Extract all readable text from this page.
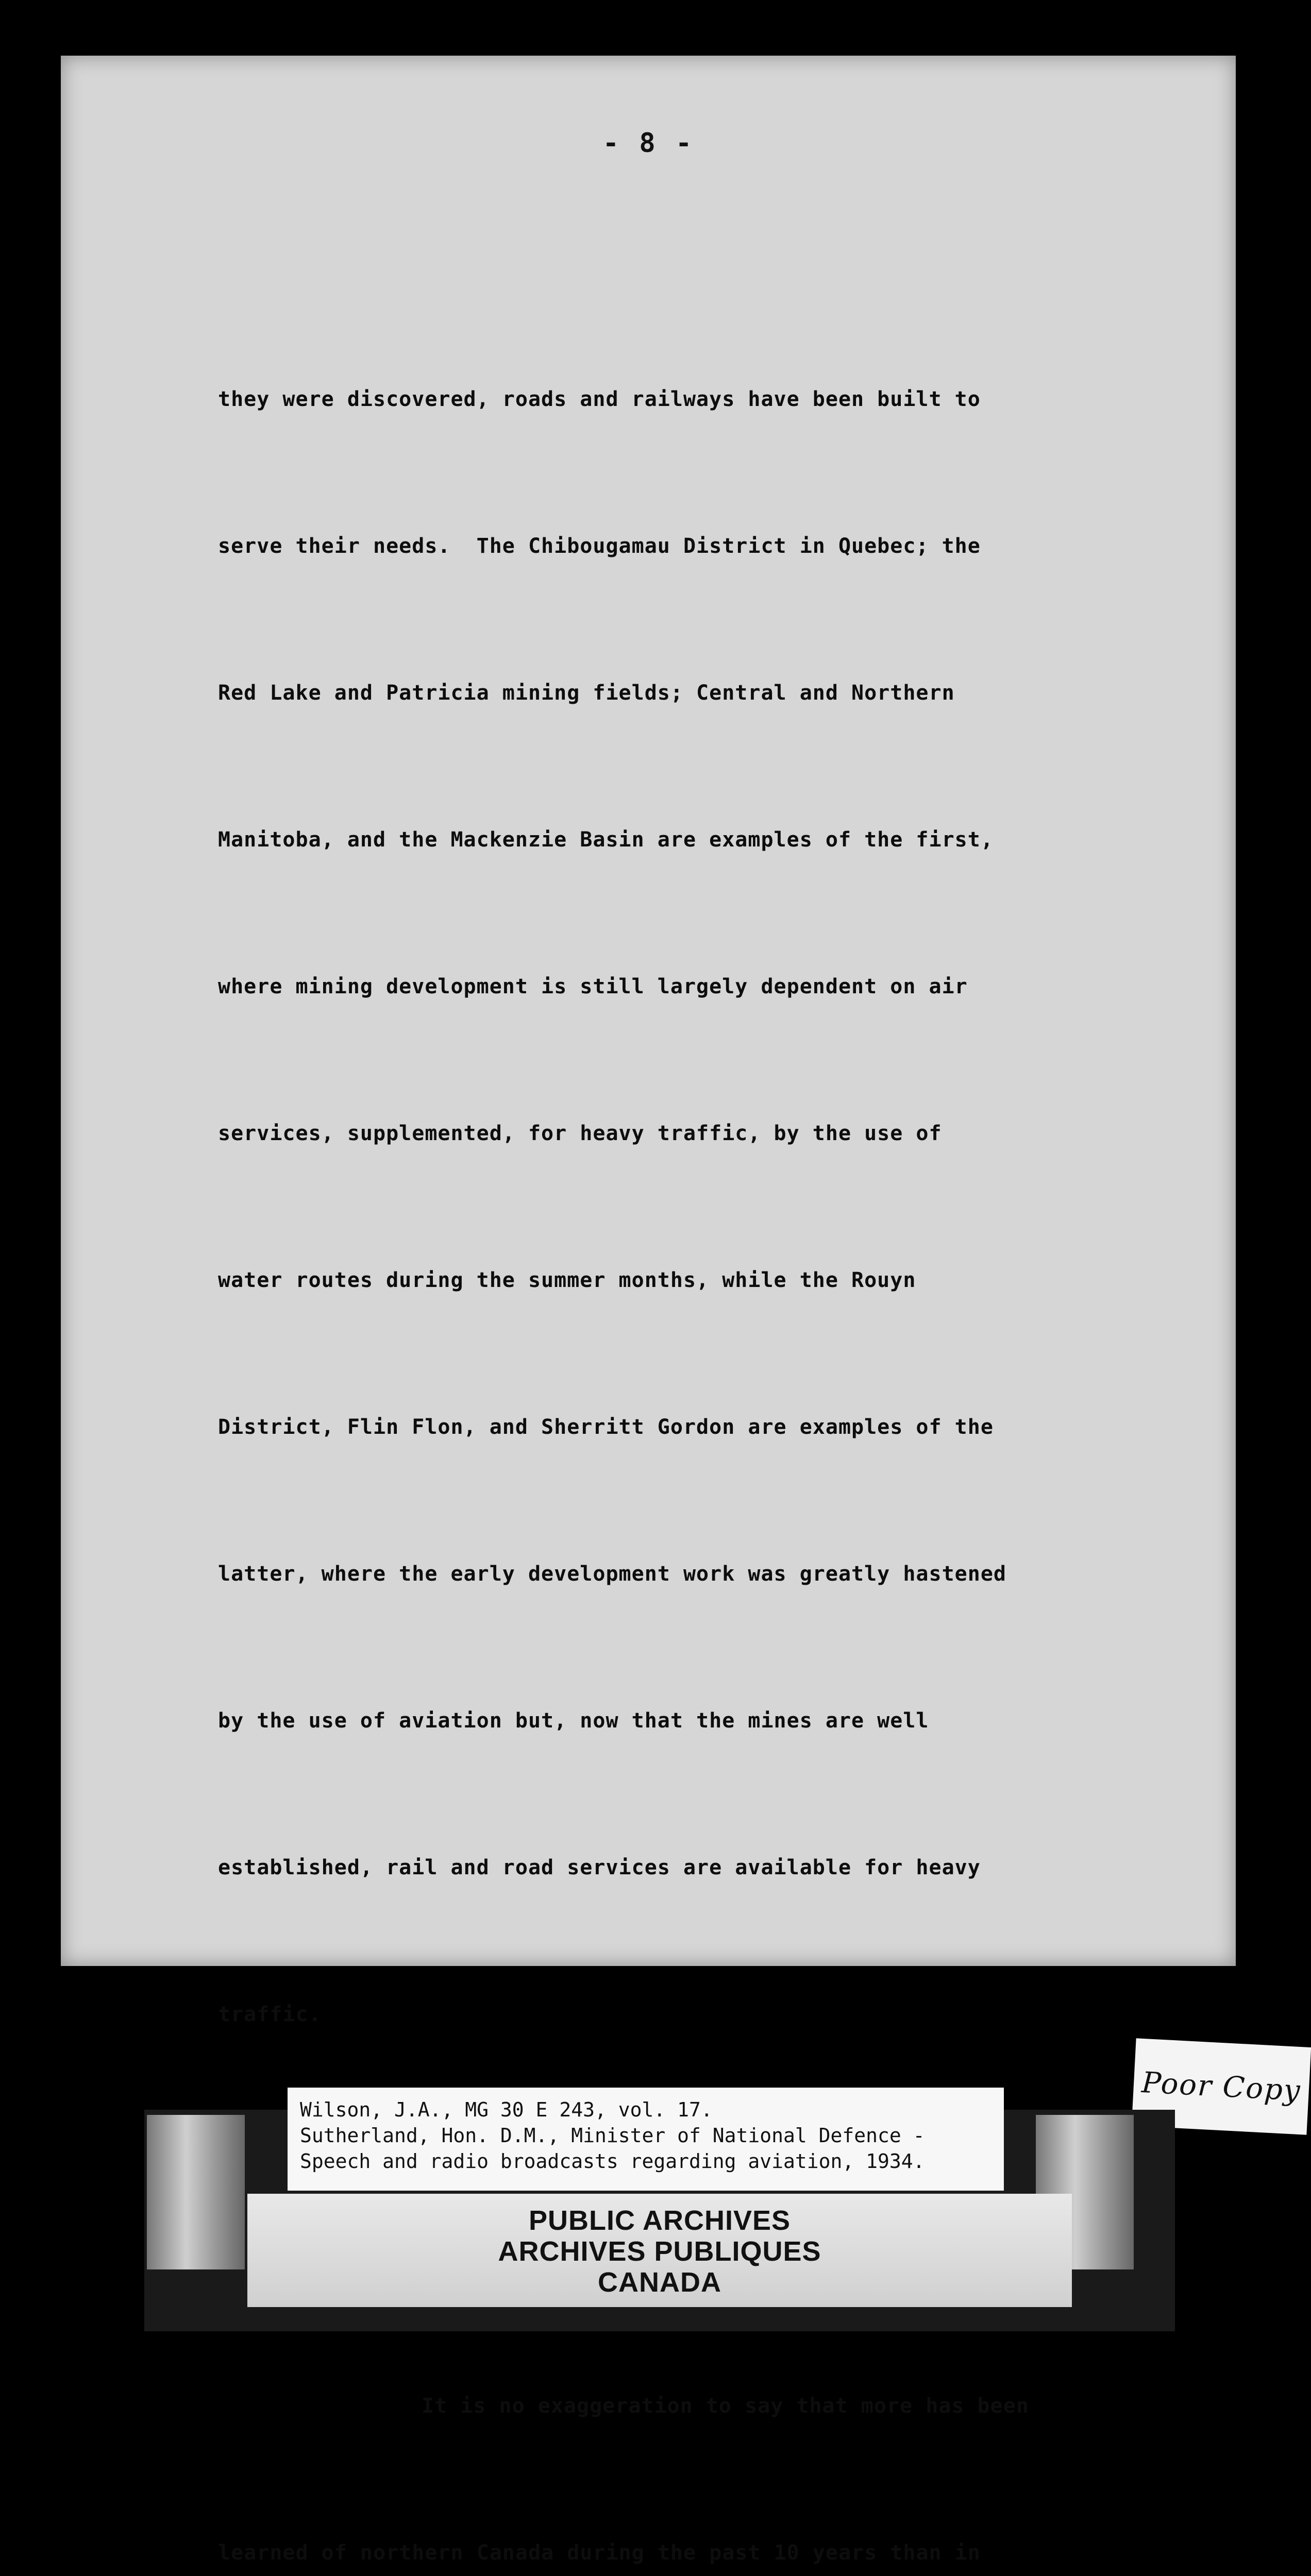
- 8 -

they were discovered, roads and railways have been built to

serve their needs.  The Chibougamau District in Quebec; the

Red Lake and Patricia mining fields; Central and Northern

Manitoba, and the Mackenzie Basin are examples of the first,

where mining development is still largely dependent on air

services, supplemented, for heavy traffic, by the use of

water routes during the summer months, while the Rouyn

District, Flin Flon, and Sherritt Gordon are examples of the

latter, where the early development work was greatly hastened

by the use of aviation but, now that the mines are well

established, rail and road services are available for heavy

traffic.

It is no exaggeration to say that more has been

learned of northern Canada during the past 10 years than in

Poor Copy
Wilson, J.A., MG 30 E 243, vol. 17.
Sutherland, Hon. D.M., Minister of National Defence -
Speech and radio broadcasts regarding aviation, 1934.
PUBLIC ARCHIVES
ARCHIVES PUBLIQUES
CANADA
